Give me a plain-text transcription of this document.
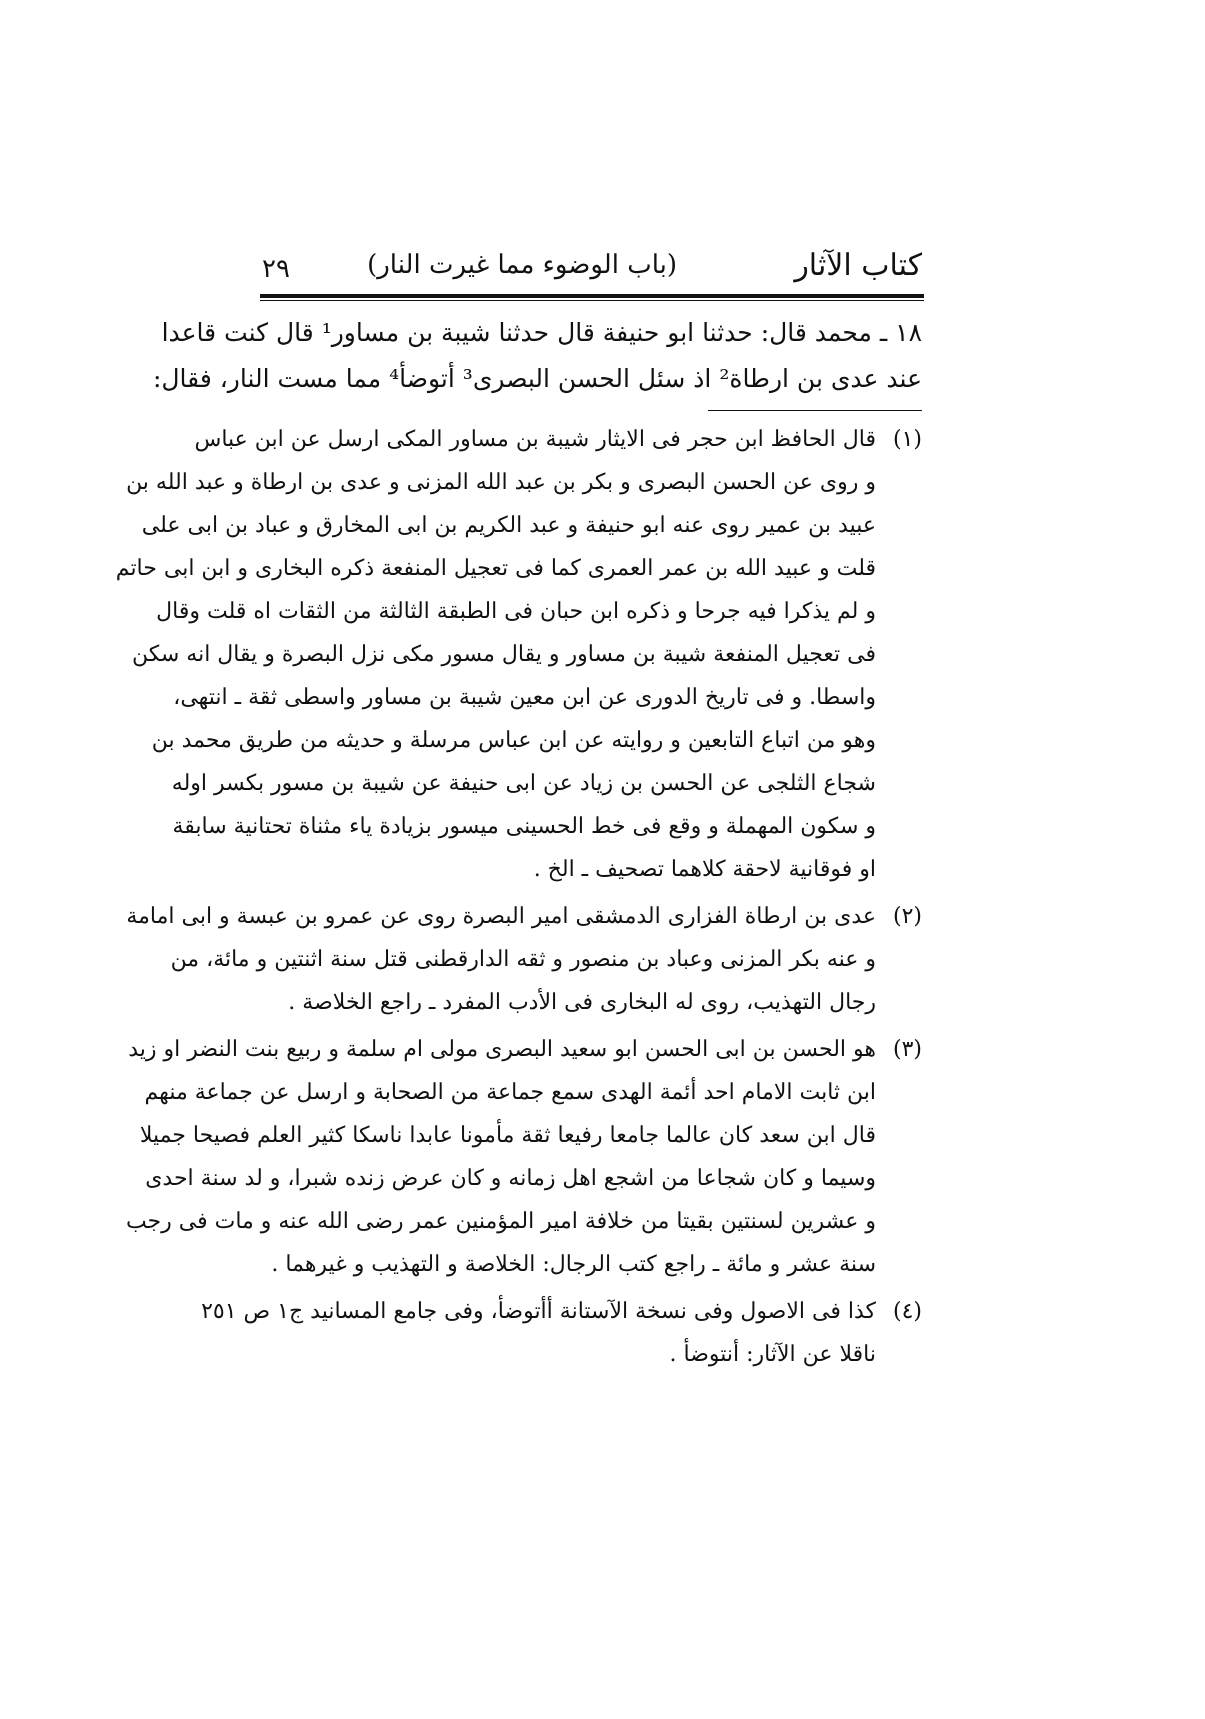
كتاب الآثار
(باب الوضوء مما غيرت النار)
٢٩
١٨ ـ محمد قال: حدثنا ابو حنيفة قال حدثنا شيبة بن مساور¹ قال كنت قاعدا
عند عدى بن ارطاة² اذ سئل الحسن البصرى³ أتوضأ⁴ مما مست النار، فقال:
(١)قال الحافظ ابن حجر فى الايثار شيبة بن مساور المكى ارسل عن ابن عباس
و روى عن الحسن البصرى و بكر بن عبد الله المزنى و عدى بن ارطاة و عبد الله بن
عبيد بن عمير روى عنه ابو حنيفة و عبد الكريم بن ابى المخارق و عباد بن ابى على
قلت و عبيد الله بن عمر العمرى كما فى تعجيل المنفعة ذكره البخارى و ابن ابى حاتم
و لم يذكرا فيه جرحا و ذكره ابن حبان فى الطبقة الثالثة من الثقات اه قلت وقال
فى تعجيل المنفعة شيبة بن مساور و يقال مسور مكى نزل البصرة و يقال انه سكن
واسطا. و فى تاريخ الدورى عن ابن معين شيبة بن مساور واسطى ثقة ـ انتهى،
وهو من اتباع التابعين و روايته عن ابن عباس مرسلة و حديثه من طريق محمد بن
شجاع الثلجى عن الحسن بن زياد عن ابى حنيفة عن شيبة بن مسور بكسر اوله
و سكون المهملة و وقع فى خط الحسينى ميسور بزيادة ياء مثناة تحتانية سابقة
او فوقانية لاحقة كلاهما تصحيف ـ الخ .
(٢)عدى بن ارطاة الفزارى الدمشقى امير البصرة روى عن عمرو بن عبسة و ابى امامة
و عنه بكر المزنى وعباد بن منصور و ثقه الدارقطنى قتل سنة اثنتين و مائة، من
رجال التهذيب، روى له البخارى فى الأدب المفرد ـ راجع الخلاصة .
(٣)هو الحسن بن ابى الحسن ابو سعيد البصرى مولى ام سلمة و ربيع بنت النضر او زيد
ابن ثابت الامام احد أئمة الهدى سمع جماعة من الصحابة و ارسل عن جماعة منهم
قال ابن سعد كان عالما جامعا رفيعا ثقة مأمونا عابدا ناسكا كثير العلم فصيحا جميلا
وسيما و كان شجاعا من اشجع اهل زمانه و كان عرض زنده شبرا، و لد سنة احدى
و عشرين لسنتين بقيتا من خلافة امير المؤمنين عمر رضى الله عنه و مات فى رجب
سنة عشر و مائة ـ راجع كتب الرجال: الخلاصة و التهذيب و غيرهما .
(٤)كذا فى الاصول وفى نسخة الآستانة أأتوضأ، وفى جامع المسانيد ج١ ص ٢٥١
ناقلا عن الآثار: أنتوضأ .
